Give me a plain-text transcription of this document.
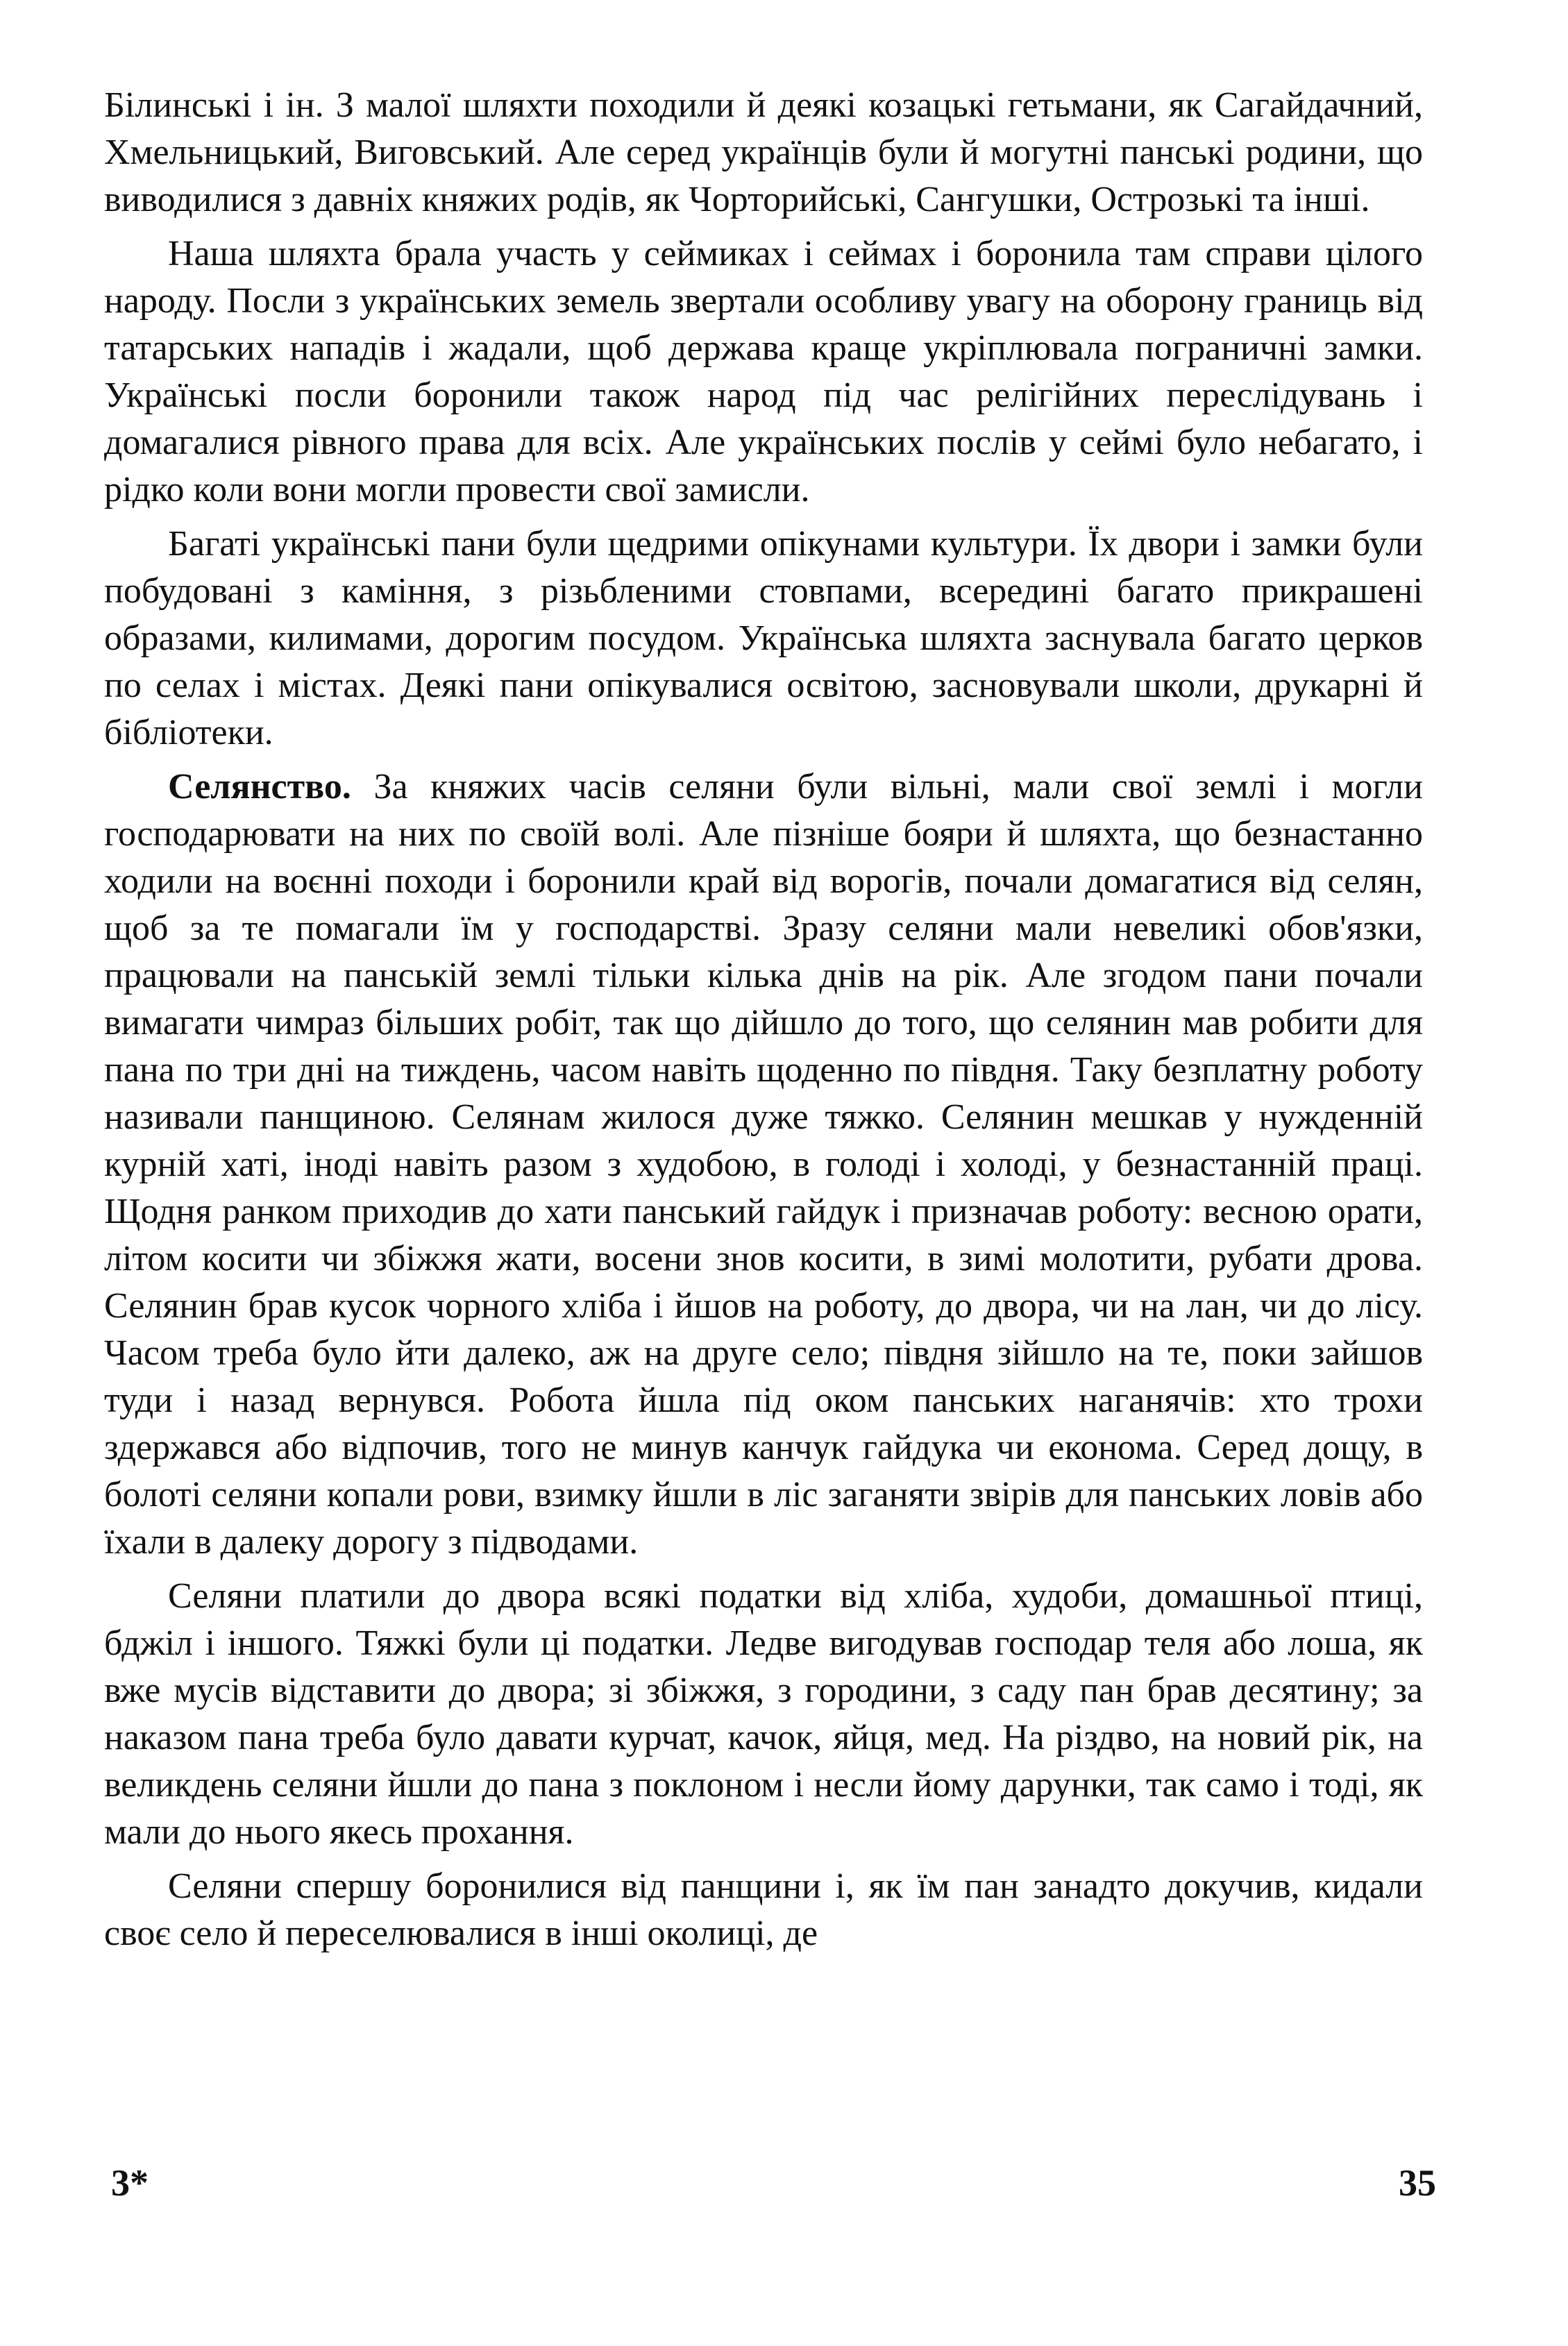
Білинські і ін. З малої шляхти походили й деякі козацькі гетьмани, як Сагайдачний, Хмельницький, Виговський. Але серед українців були й могутні панські родини, що виводилися з давніх княжих родів, як Чорторийські, Сангушки, Острозькі та інші.

Наша шляхта брала участь у сеймиках і сеймах і боронила там справи цілого народу. Посли з українських земель звертали особливу увагу на оборону границь від татарських нападів і жадали, щоб держава краще укріплювала пограничні замки. Українські посли боронили також народ під час релігійних переслідувань і домагалися рівного права для всіх. Але українських послів у сеймі було небагато, і рідко коли вони могли провести свої замисли.

Багаті українські пани були щедрими опікунами культури. Їх двори і замки були побудовані з каміння, з різьбленими стовпами, всередині багато прикрашені образами, килимами, дорогим посудом. Українська шляхта заснувала багато церков по селах і містах. Деякі пани опікувалися освітою, засновували школи, друкарні й бібліотеки.

Селянство. За княжих часів селяни були вільні, мали свої землі і могли господарювати на них по своїй волі. Але пізніше бояри й шляхта, що безнастанно ходили на воєнні походи і боронили край від ворогів, почали домагатися від селян, щоб за те помагали їм у господарстві. Зразу селяни мали невеликі обов'язки, працювали на панській землі тільки кілька днів на рік. Але згодом пани почали вимагати чимраз більших робіт, так що дійшло до того, що селянин мав робити для пана по три дні на тиждень, часом навіть щоденно по півдня. Таку безплатну роботу називали панщиною. Селянам жилося дуже тяжко. Селянин мешкав у нужденній курній хаті, іноді навіть разом з худобою, в голоді і холоді, у безнастанній праці. Щодня ранком приходив до хати панський гайдук і призначав роботу: весною орати, літом косити чи збіжжя жати, восени знов косити, в зимі молотити, рубати дрова. Селянин брав кусок чорного хліба і йшов на роботу, до двора, чи на лан, чи до лісу. Часом треба було йти далеко, аж на друге село; півдня зійшло на те, поки зайшов туди і назад вернувся. Робота йшла під оком панських наганячів: хто трохи здержався або відпочив, того не минув канчук гайдука чи економа. Серед дощу, в болоті селяни копали рови, взимку йшли в ліс заганяти звірів для панських ловів або їхали в далеку дорогу з підводами.

Селяни платили до двора всякі податки від хліба, худоби, домашньої птиці, бджіл і іншого. Тяжкі були ці податки. Ледве вигодував господар теля або лоша, як вже мусів відставити до двора; зі збіжжя, з городини, з саду пан брав десятину; за наказом пана треба було давати курчат, качок, яйця, мед. На різдво, на новий рік, на великдень селяни йшли до пана з поклоном і несли йому дарунки, так само і тоді, як мали до нього якесь прохання.

Селяни спершу боронилися від панщини і, як їм пан занадто докучив, кидали своє село й переселювалися в інші околиці, де

3*	35
